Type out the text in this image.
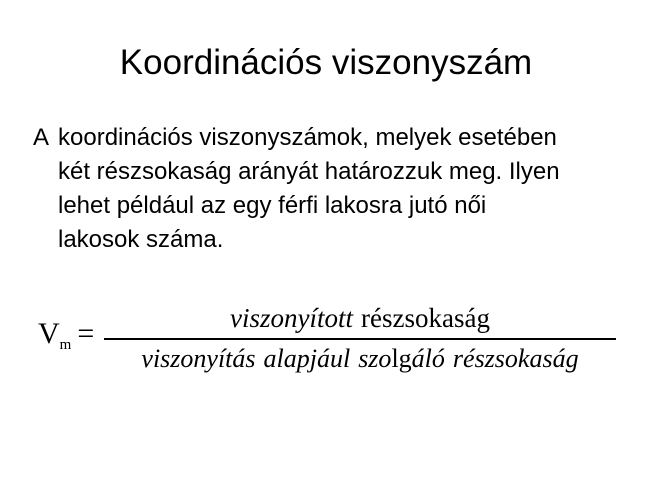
Koordinációs viszonyszám
A koordinációs viszonyszámok, melyek esetében
két részsokaság arányát határozzuk meg. Ilyen
lehet például az egy férfi lakosra jutó női
lakosok száma.
$V_m$ =	viszonyított részsokaság
viszonyítás alapjául szolgáló részsokaság
